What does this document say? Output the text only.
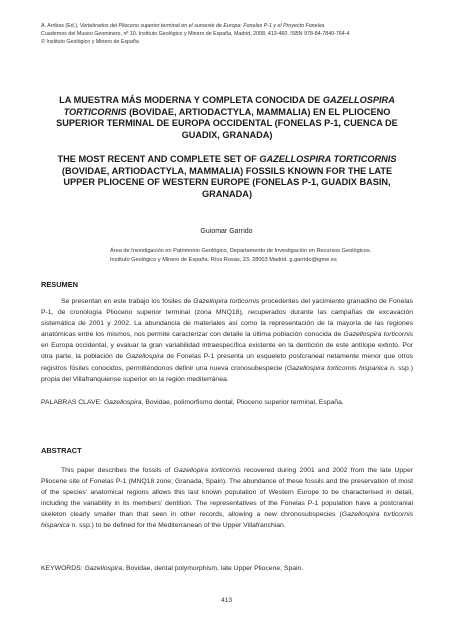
A. Arribas (Ed.), Vertebrados del Plioceno superior terminal en el suroeste de Europa: Fonelas P-1 y el Proyecto Fonelas.
Cuadernos del Museo Geominero, nº 10. Instituto Geológico y Minero de España, Madrid, 2008, 413-460. ISBN 978-84-7840-764-4
© Instituto Geológico y Minero de España
LA MUESTRA MÁS MODERNA Y COMPLETA CONOCIDA DE GAZELLOSPIRA TORTICORNIS (BOVIDAE, ARTIODACTYLA, MAMMALIA) EN EL PLIOCENO SUPERIOR TERMINAL DE EUROPA OCCIDENTAL (FONELAS P-1, CUENCA DE GUADIX, GRANADA)
THE MOST RECENT AND COMPLETE SET OF GAZELLOSPIRA TORTICORNIS (BOVIDAE, ARTIODACTYLA, MAMMALIA) FOSSILS KNOWN FOR THE LATE UPPER PLIOCENE OF WESTERN EUROPE (FONELAS P-1, GUADIX BASIN, GRANADA)
Guiomar Garrido
Área de Investigación en Patrimonio Geológico, Departamento de Investigación en Recursos Geológicos.
Instituto Geológico y Minero de España. Ríos Rosas, 23. 28003 Madrid. g.garrido@igme.es
RESUMEN

Se presentan en este trabajo los fósiles de Gazellopira torticornis procedentes del yacimiento granadino de Fonelas P-1, de cronología Plioceno superior terminal (zona MNQ18), recuperados durante las campañas de excavación sistemática de 2001 y 2002. La abundancia de materiales así como la representación de la mayoría de las regiones anatómicas entre los mismos, nos permite caracterizar con detalle la última población conocida de Gazellospira torticornis en Europa occidental, y evaluar la gran variabilidad intraespecífica existente en la dentición de este antílope extinto. Por otra parte, la población de Gazellospira de Fonelas P-1 presenta un esqueleto postcraneal netamente menor que otros registros fósiles conocidos, permitiéndonos definir una nueva cronosubespecie (Gazellospira torticornis hispanica n. ssp.) propia del Villafranquiense superior en la región mediterránea.

PALABRAS CLAVE: Gazellospira, Bovidae, polimorfismo dental, Plioceno superior terminal, España.

ABSTRACT

This paper describes the fossils of Gazellopira torticornis recovered during 2001 and 2002 from the late Upper Pliocene site of Fonelas P-1 (MNQ18 zone; Granada, Spain). The abundance of these fossils and the preservation of most of the species’ anatomical regions allows this last known population of Western Europe to be characterised in detail, including the variability in its members’ dentition. The representatives of the Fonelas P-1 population have a postcranial skeleton clearly smaller than that seen in other records, allowing a new chronosubspecies (Gazellospira torticornis hispanica n. ssp.) to be defined for the Mediterranean of the Upper Villafranchian.

KEYWORDS: Gazellospira, Bovidae, dental polymorphism, late Upper Pliocene, Spain.

413
